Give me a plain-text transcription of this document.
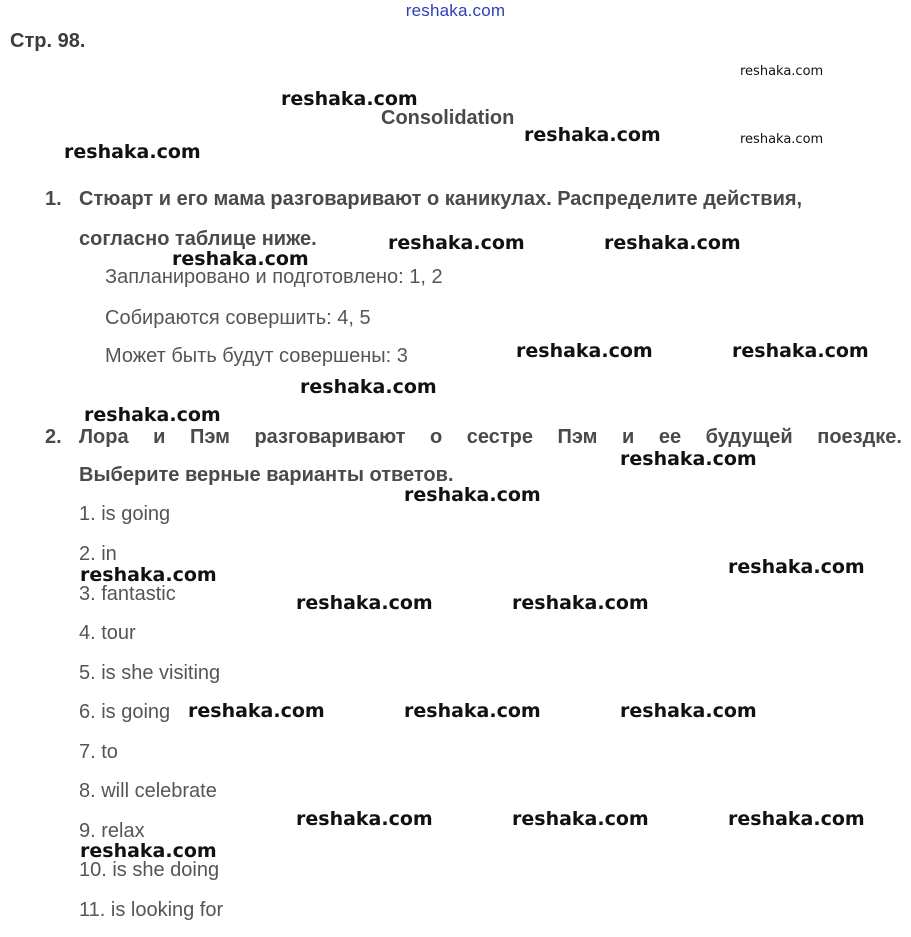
reshaka.com
Стр. 98.
Consolidation
1. Стюарт и его мама разговаривают о каникулах. Распределите действия,
согласно таблице ниже.
Запланировано и подготовлено: 1, 2
Собираются совершить: 4, 5
Может быть будут совершены: 3
2. Лора и Пэм разговаривают о сестре Пэм и ее будущей поездке.
Выберите верные варианты ответов.
1. is going
2. in
3. fantastic
4. tour
5. is she visiting
6. is going
7. to
8. will celebrate
9. relax
10. is she doing
11. is looking for
reshaka.com
reshaka.com
reshaka.com
reshaka.com
reshaka.com
reshaka.com	reshaka.com
reshaka.com
reshaka.com	reshaka.com
reshaka.com
reshaka.com
reshaka.com
reshaka.com
reshaka.com
reshaka.com
reshaka.com	reshaka.com
reshaka.com	reshaka.com	reshaka.com
reshaka.com	reshaka.com	reshaka.com
reshaka.com
